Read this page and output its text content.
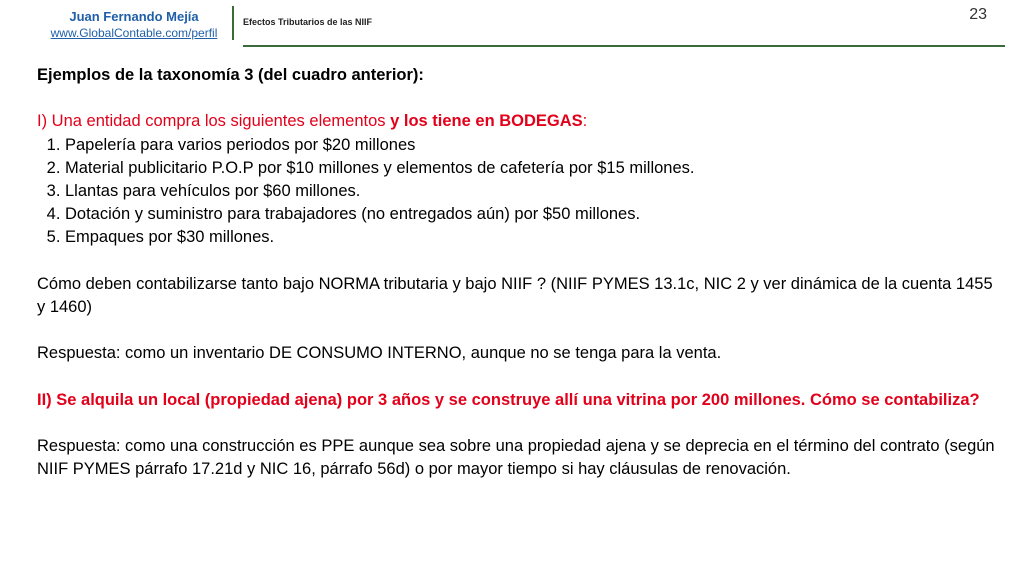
Juan Fernando Mejía
www.GlobalContable.com/perfil
Efectos Tributarios de las NIIF	23

Ejemplos de la taxonomía 3 (del cuadro anterior):

I) Una entidad compra los siguientes elementos y los tiene en BODEGAS:

1. Papelería para varios periodos por $20 millones
2. Material publicitario P.O.P por $10 millones y elementos de cafetería por $15 millones.
3. Llantas para vehículos por $60 millones.
4. Dotación y suministro para trabajadores (no entregados aún) por $50 millones.
5. Empaques por $30 millones.

Cómo deben contabilizarse tanto bajo NORMA tributaria y bajo NIIF ? (NIIF PYMES 13.1c, NIC 2 y ver dinámica de la cuenta 1455 y 1460)

Respuesta: como un inventario DE CONSUMO INTERNO, aunque no se tenga para la venta.

II) Se alquila un local (propiedad ajena) por 3 años y se construye allí una vitrina por 200 millones. Cómo se contabiliza?

Respuesta: como una construcción es PPE aunque sea sobre una propiedad ajena y se deprecia en el término del contrato (según NIIF PYMES párrafo 17.21d y NIC 16, párrafo 56d) o por mayor tiempo si hay cláusulas de renovación.
